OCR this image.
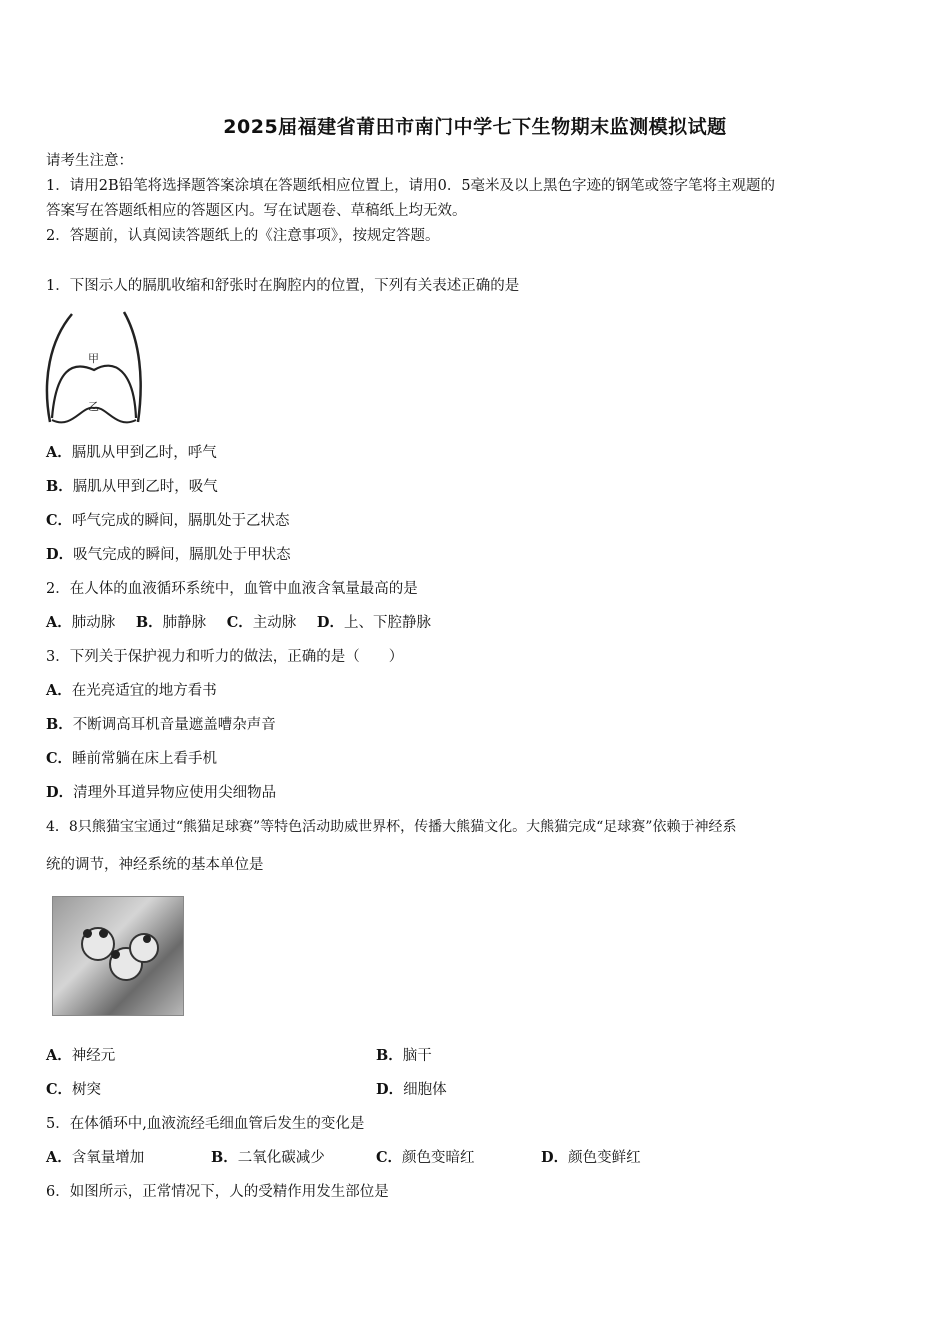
2025届福建省莆田市南门中学七下生物期末监测模拟试题
请考生注意：
1．请用2B铅笔将选择题答案涂填在答题纸相应位置上，请用0．5毫米及以上黑色字迹的钢笔或签字笔将主观题的
答案写在答题纸相应的答题区内。写在试题卷、草稿纸上均无效。
2．答题前，认真阅读答题纸上的《注意事项》，按规定答题。
1．下图示人的膈肌收缩和舒张时在胸腔内的位置，下列有关表述正确的是
甲
乙
A．膈肌从甲到乙时，呼气
B．膈肌从甲到乙时，吸气
C．呼气完成的瞬间，膈肌处于乙状态
D．吸气完成的瞬间，膈肌处于甲状态
2．在人体的血液循环系统中，血管中血液含氧量最高的是
A．肺动脉 B．肺静脉 C．主动脉 D．上、下腔静脉
3．下列关于保护视力和听力的做法，正确的是（　　）
A．在光亮适宜的地方看书
B．不断调高耳机音量遮盖嘈杂声音
C．睡前常躺在床上看手机
D．清理外耳道异物应使用尖细物品
4．8只熊猫宝宝通过“熊猫足球赛”等特色活动助威世界杯，传播大熊猫文化。大熊猫完成“足球赛”依赖于神经系
统的调节，神经系统的基本单位是
A．神经元	B．脑干
C．树突	D．细胞体
5．在体循环中,血液流经毛细血管后发生的变化是
A．含氧量增加	B．二氧化碳减少	C．颜色变暗红	D．颜色变鲜红
6．如图所示，正常情况下，人的受精作用发生部位是
